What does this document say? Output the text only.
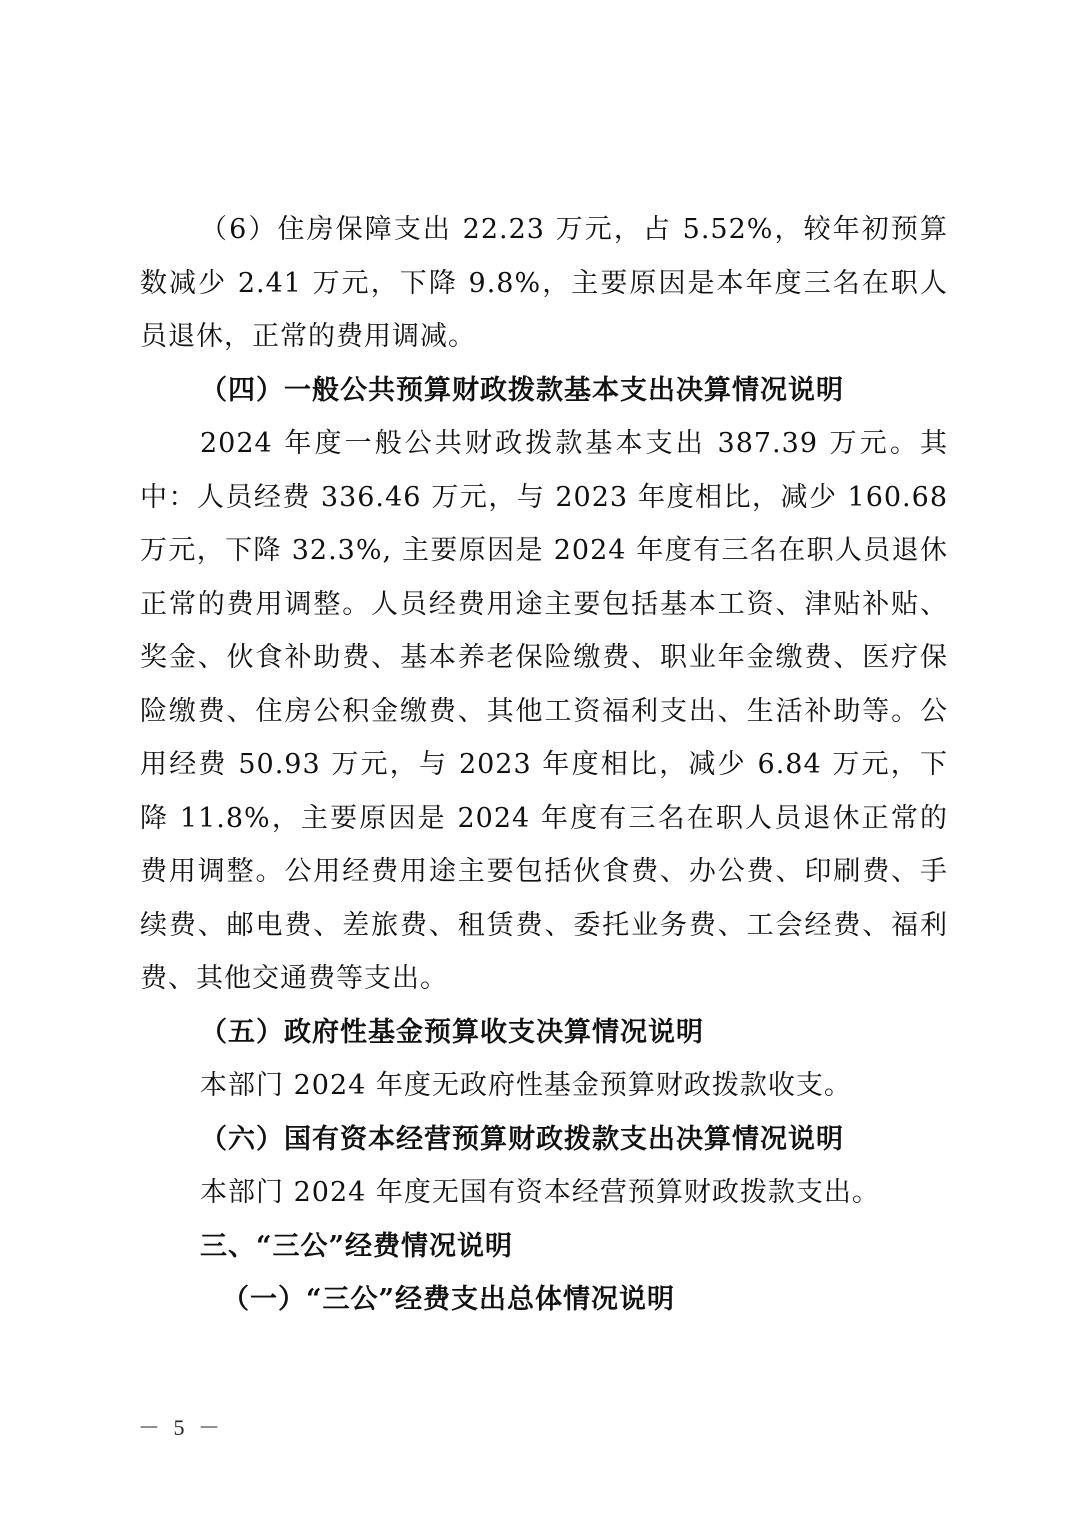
（6）住房保障支出 22.23 万元，占 5.52%，较年初预算数减少 2.41 万元，下降 9.8%，主要原因是本年度三名在职人员退休，正常的费用调减。

（四）一般公共预算财政拨款基本支出决算情况说明

2024 年度一般公共财政拨款基本支出 387.39 万元。其中：人员经费 336.46 万元，与 2023 年度相比，减少 160.68 万元，下降 32.3%, 主要原因是 2024 年度有三名在职人员退休正常的费用调整。人员经费用途主要包括基本工资、津贴补贴、奖金、伙食补助费、基本养老保险缴费、职业年金缴费、医疗保险缴费、住房公积金缴费、其他工资福利支出、生活补助等。公用经费 50.93 万元，与 2023 年度相比，减少 6.84 万元，下降 11.8%，主要原因是 2024 年度有三名在职人员退休正常的费用调整。公用经费用途主要包括伙食费、办公费、印刷费、手续费、邮电费、差旅费、租赁费、委托业务费、工会经费、福利费、其他交通费等支出。

（五）政府性基金预算收支决算情况说明

本部门 2024 年度无政府性基金预算财政拨款收支。

（六）国有资本经营预算财政拨款支出决算情况说明

本部门 2024 年度无国有资本经营预算财政拨款支出。

三、“三公”经费情况说明

（一）“三公”经费支出总体情况说明

－ 5 －
